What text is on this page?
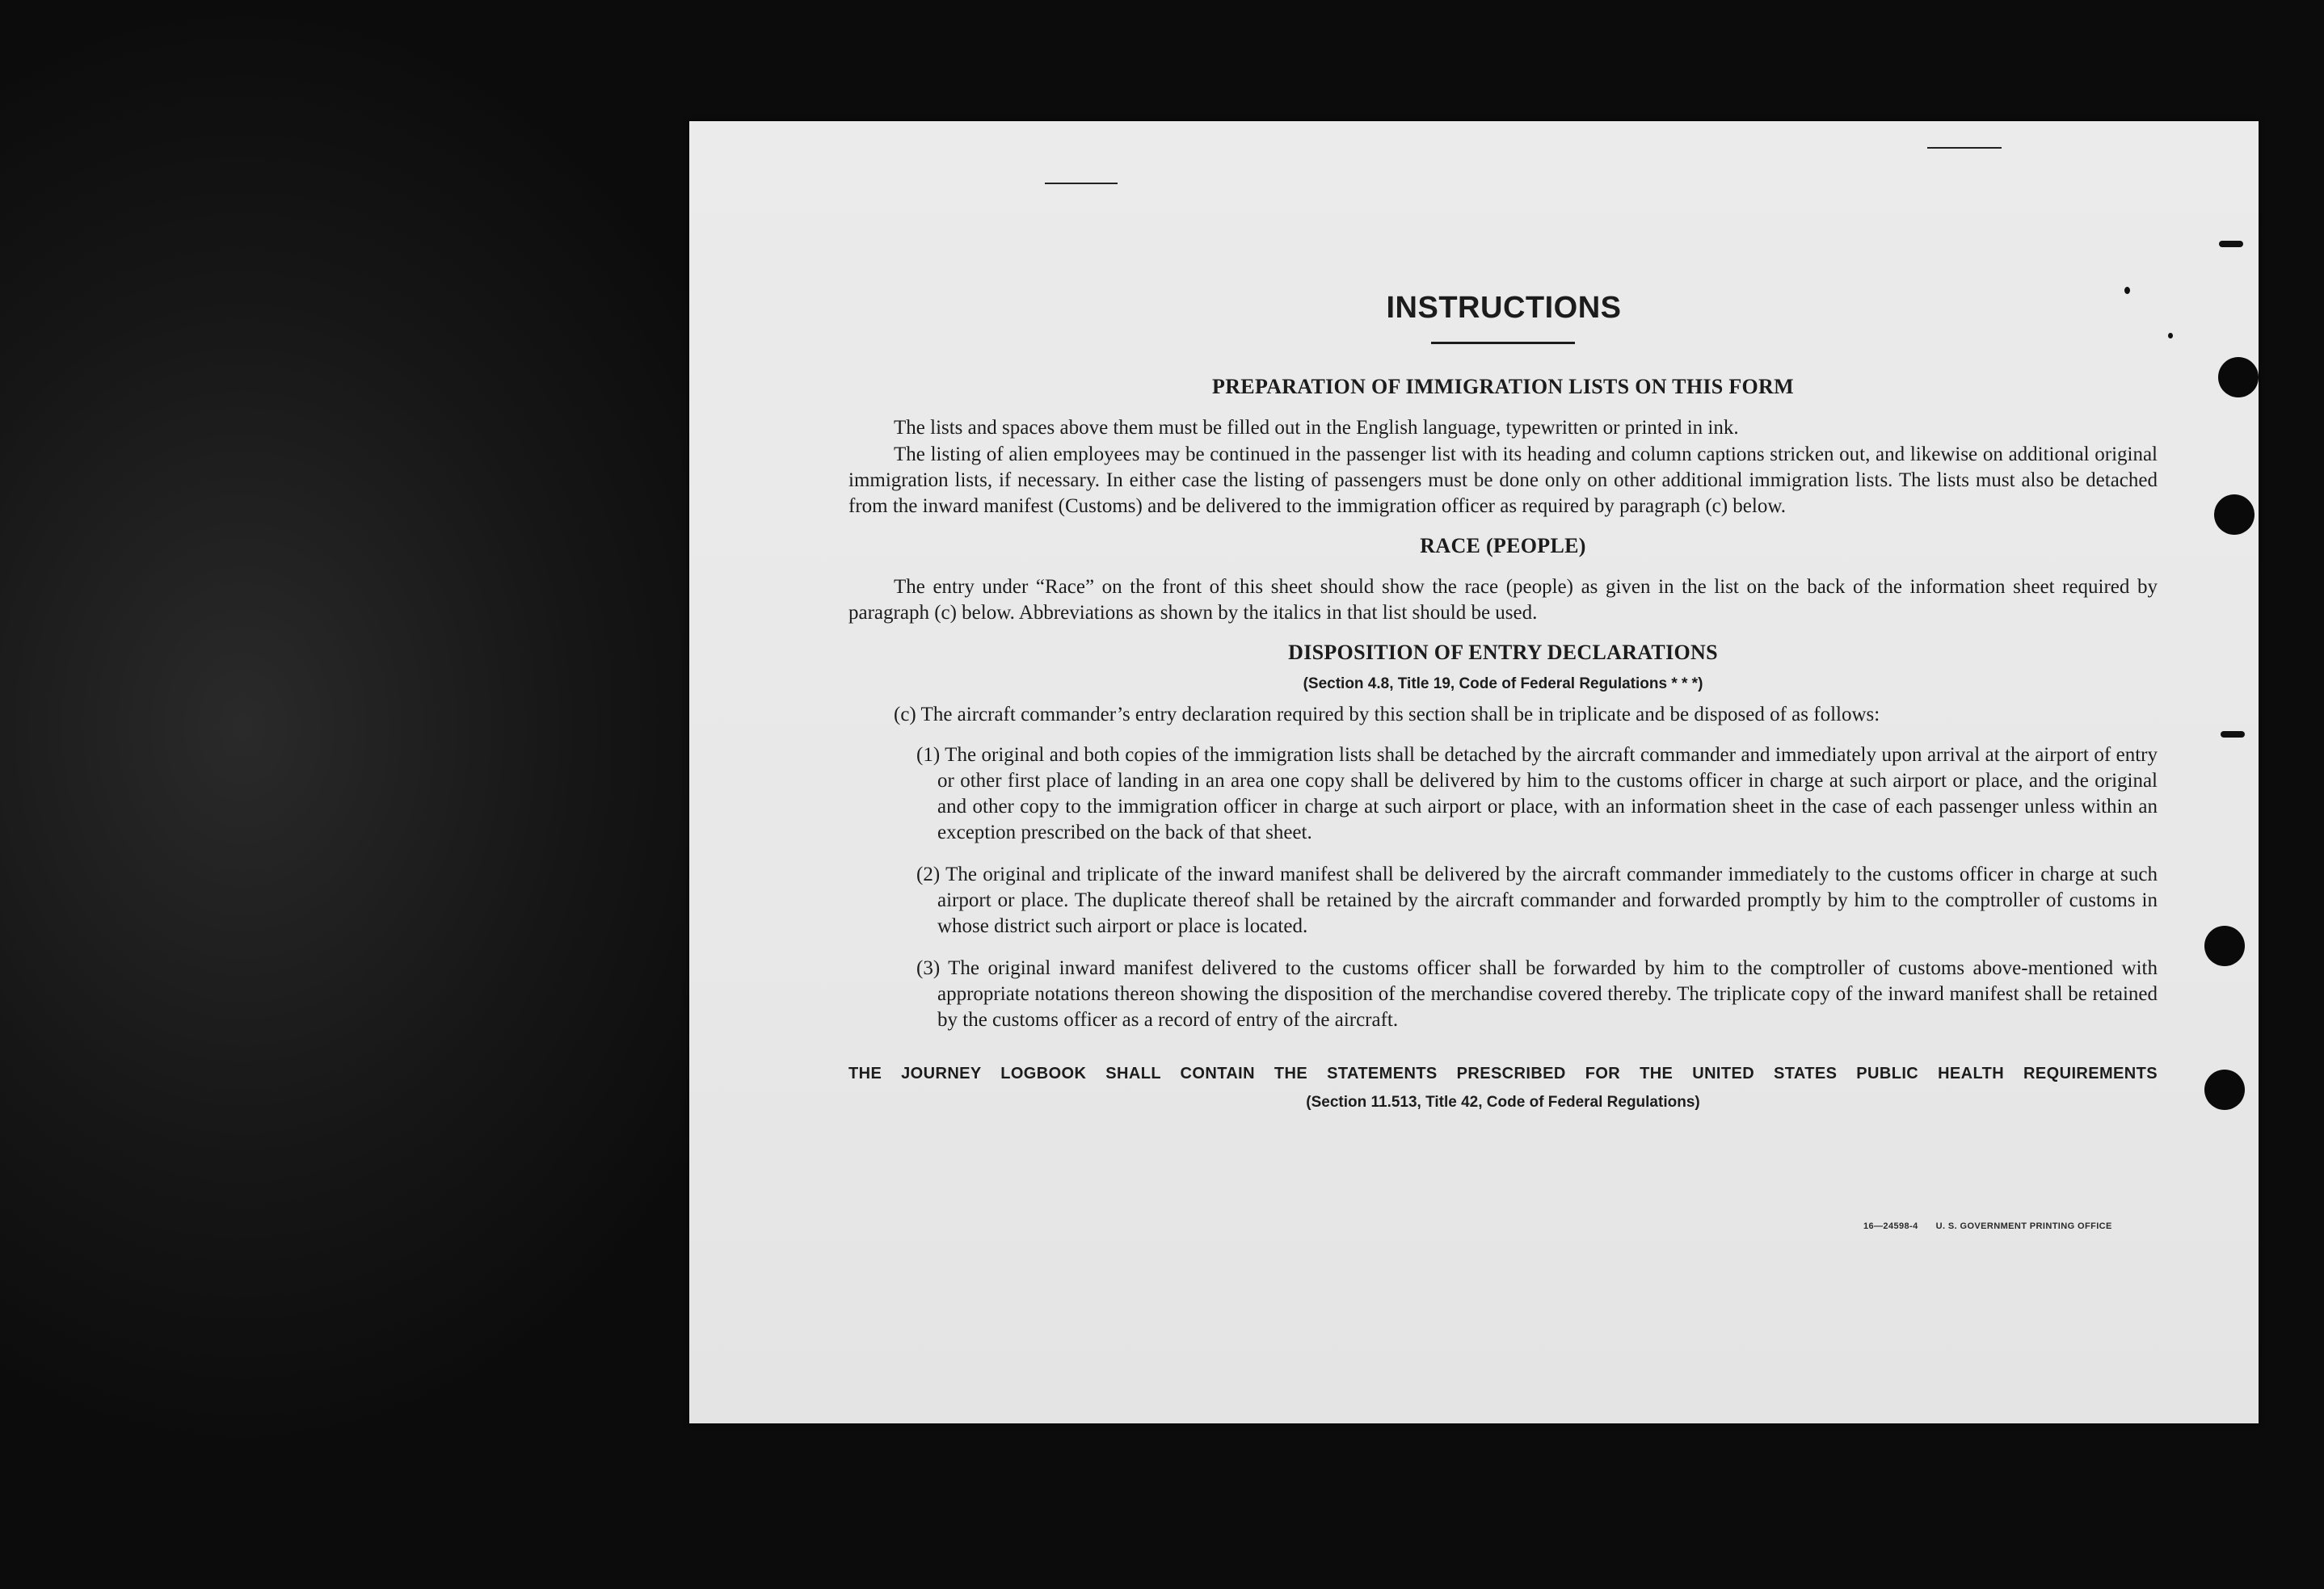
INSTRUCTIONS
PREPARATION OF IMMIGRATION LISTS ON THIS FORM

The lists and spaces above them must be filled out in the English language, typewritten or printed in ink.

The listing of alien employees may be continued in the passenger list with its heading and column captions stricken out, and likewise on additional original immigration lists, if necessary. In either case the listing of passengers must be done only on other additional immigration lists. The lists must also be detached from the inward manifest (Customs) and be delivered to the immigration officer as required by paragraph (c) below.

RACE (PEOPLE)

The entry under “Race” on the front of this sheet should show the race (people) as given in the list on the back of the information sheet required by paragraph (c) below. Abbreviations as shown by the italics in that list should be used.

DISPOSITION OF ENTRY DECLARATIONS

(Section 4.8, Title 19, Code of Federal Regulations * * *)

(c) The aircraft commander’s entry declaration required by this section shall be in triplicate and be disposed of as follows:

(1) The original and both copies of the immigration lists shall be detached by the aircraft commander and immediately upon arrival at the airport of entry or other first place of landing in an area one copy shall be delivered by him to the customs officer in charge at such airport or place, and the original and other copy to the immigration officer in charge at such airport or place, with an information sheet in the case of each passenger unless within an exception prescribed on the back of that sheet.

(2) The original and triplicate of the inward manifest shall be delivered by the aircraft commander immediately to the customs officer in charge at such airport or place. The duplicate thereof shall be retained by the aircraft commander and forwarded promptly by him to the comptroller of customs in whose district such airport or place is located.

(3) The original inward manifest delivered to the customs officer shall be forwarded by him to the comptroller of customs above-mentioned with appropriate notations thereon showing the disposition of the merchandise covered thereby. The triplicate copy of the inward manifest shall be retained by the customs officer as a record of entry of the aircraft.

THE JOURNEY LOGBOOK SHALL CONTAIN THE STATEMENTS PRESCRIBED FOR THE UNITED STATES PUBLIC HEALTH REQUIREMENTS

(Section 11.513, Title 42, Code of Federal Regulations)

16—24598-4 U. S. GOVERNMENT PRINTING OFFICE
